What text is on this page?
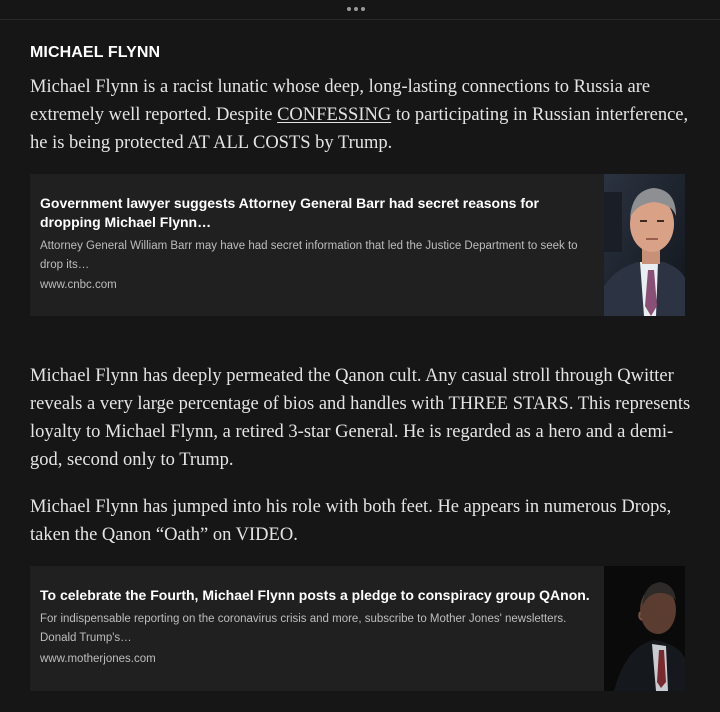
MICHAEL FLYNN

Michael Flynn is a racist lunatic whose deep, long-lasting connections to Russia are extremely well reported. Despite CONFESSING to participating in Russian interference, he is being protected AT ALL COSTS by Trump.

Government lawyer suggests Attorney General Barr had secret reasons for dropping Michael Flynn…

Attorney General William Barr may have had secret information that led the Justice Department to seek to drop its…

www.cnbc.com

Michael Flynn has deeply permeated the Qanon cult. Any casual stroll through Qwitter reveals a very large percentage of bios and handles with THREE STARS. This represents loyalty to Michael Flynn, a retired 3-star General. He is regarded as a hero and a demi-god, second only to Trump.

Michael Flynn has jumped into his role with both feet. He appears in numerous Drops, taken the Qanon “Oath” on VIDEO.

To celebrate the Fourth, Michael Flynn posts a pledge to conspiracy group QAnon.

For indispensable reporting on the coronavirus crisis and more, subscribe to Mother Jones' newsletters. Donald Trump's…

www.motherjones.com
